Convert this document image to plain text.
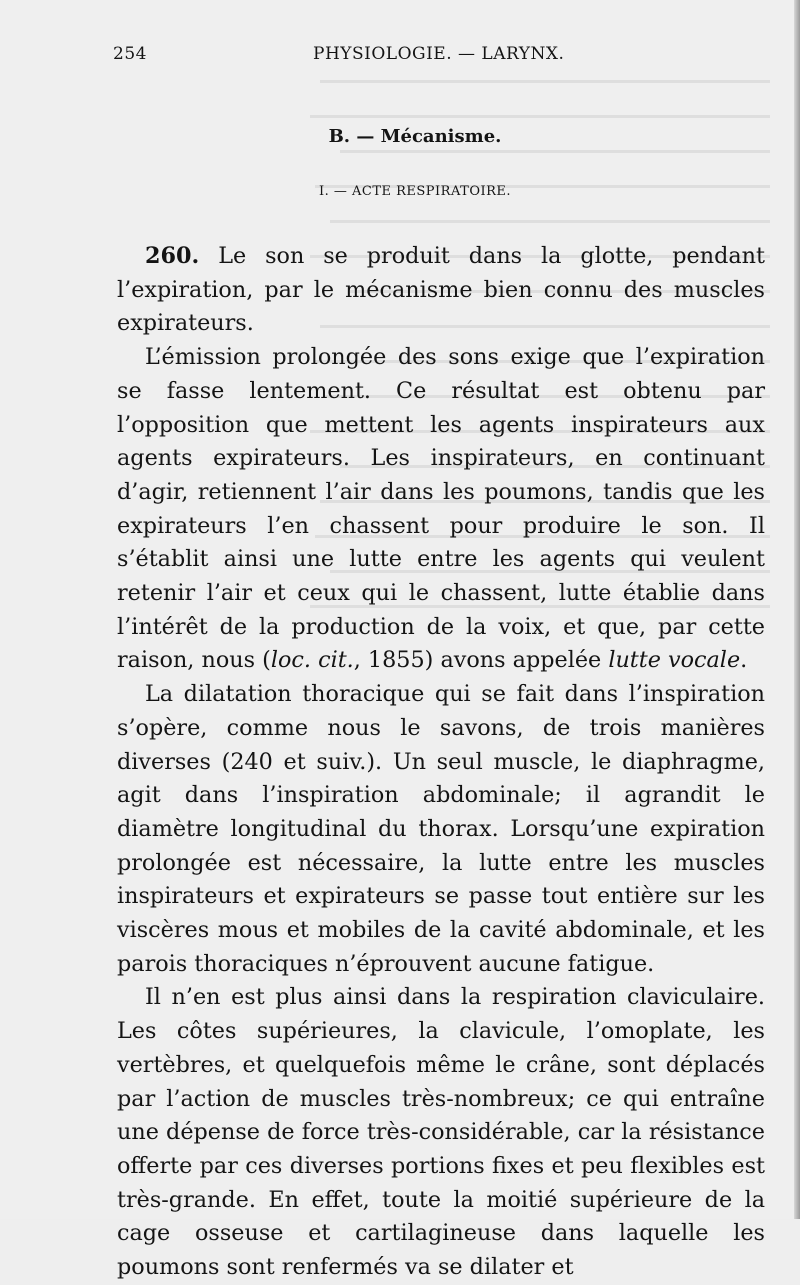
254	PHYSIOLOGIE. — LARYNX.
B. — Mécanisme.
I. — ACTE RESPIRATOIRE.

260. Le son se produit dans la glotte, pendant l’expiration, par le mécanisme bien connu des muscles expirateurs.

L’émission prolongée des sons exige que l’expiration se fasse lentement. Ce résultat est obtenu par l’opposition que mettent les agents inspirateurs aux agents expirateurs. Les inspirateurs, en continuant d’agir, retiennent l’air dans les poumons, tandis que les expirateurs l’en chassent pour produire le son. Il s’établit ainsi une lutte entre les agents qui veulent retenir l’air et ceux qui le chassent, lutte établie dans l’intérêt de la production de la voix, et que, par cette raison, nous (loc. cit., 1855) avons appelée lutte vocale.

La dilatation thoracique qui se fait dans l’inspiration s’opère, comme nous le savons, de trois manières diverses (240 et suiv.). Un seul muscle, le diaphragme, agit dans l’inspiration abdominale; il agrandit le diamètre longitudinal du thorax. Lorsqu’une expiration prolongée est nécessaire, la lutte entre les muscles inspirateurs et expirateurs se passe tout entière sur les viscères mous et mobiles de la cavité abdominale, et les parois thoraciques n’éprouvent aucune fatigue.

Il n’en est plus ainsi dans la respiration claviculaire. Les côtes supérieures, la clavicule, l’omoplate, les vertèbres, et quelquefois même le crâne, sont déplacés par l’action de muscles très-nombreux; ce qui entraîne une dépense de force très-considérable, car la résistance offerte par ces diverses portions fixes et peu flexibles est très-grande. En effet, toute la moitié supérieure de la cage osseuse et cartilagineuse dans laquelle les poumons sont renfermés va se dilater et
